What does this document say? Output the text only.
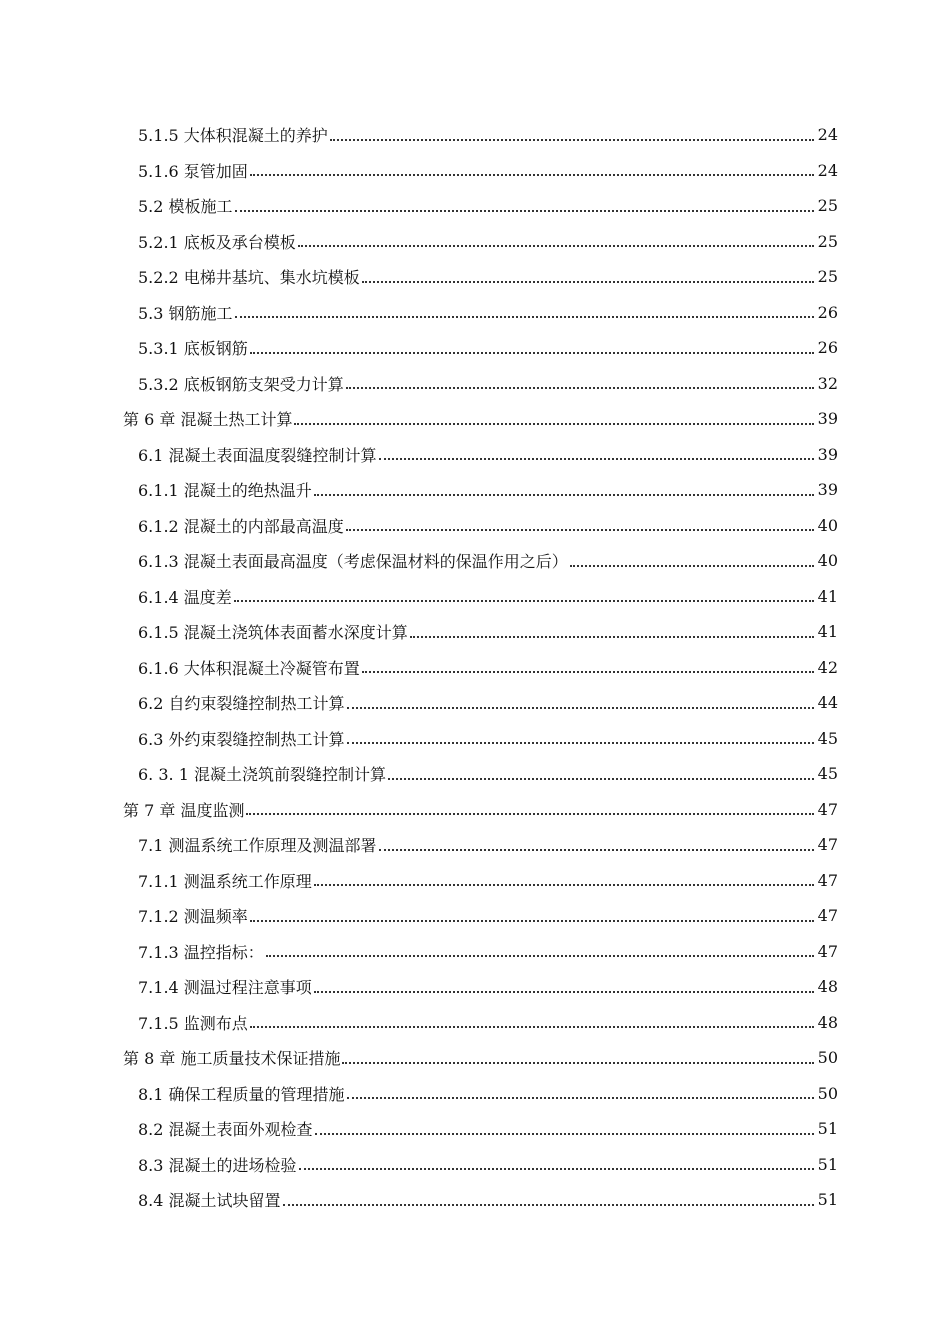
5.1.5 大体积混凝土的养护	24
5.1.6 泵管加固	24
5.2 模板施工	25
5.2.1 底板及承台模板	25
5.2.2 电梯井基坑、集水坑模板	25
5.3 钢筋施工	26
5.3.1 底板钢筋	26
5.3.2 底板钢筋支架受力计算	32
第 6 章 混凝土热工计算	39
6.1 混凝土表面温度裂缝控制计算	39
6.1.1 混凝土的绝热温升	39
6.1.2 混凝土的内部最高温度	40
6.1.3 混凝土表面最高温度（考虑保温材料的保温作用之后）	40
6.1.4 温度差	41
6.1.5 混凝土浇筑体表面蓄水深度计算	41
6.1.6 大体积混凝土冷凝管布置	42
6.2 自约束裂缝控制热工计算	44
6.3 外约束裂缝控制热工计算	45
6. 3. 1 混凝土浇筑前裂缝控制计算	45
第 7 章 温度监测	47
7.1 测温系统工作原理及测温部署	47
7.1.1 测温系统工作原理	47
7.1.2 测温频率	47
7.1.3 温控指标：	47
7.1.4 测温过程注意事项	48
7.1.5 监测布点	48
第 8 章 施工质量技术保证措施	50
8.1 确保工程质量的管理措施	50
8.2 混凝土表面外观检查	51
8.3 混凝土的进场检验	51
8.4 混凝土试块留置	51
